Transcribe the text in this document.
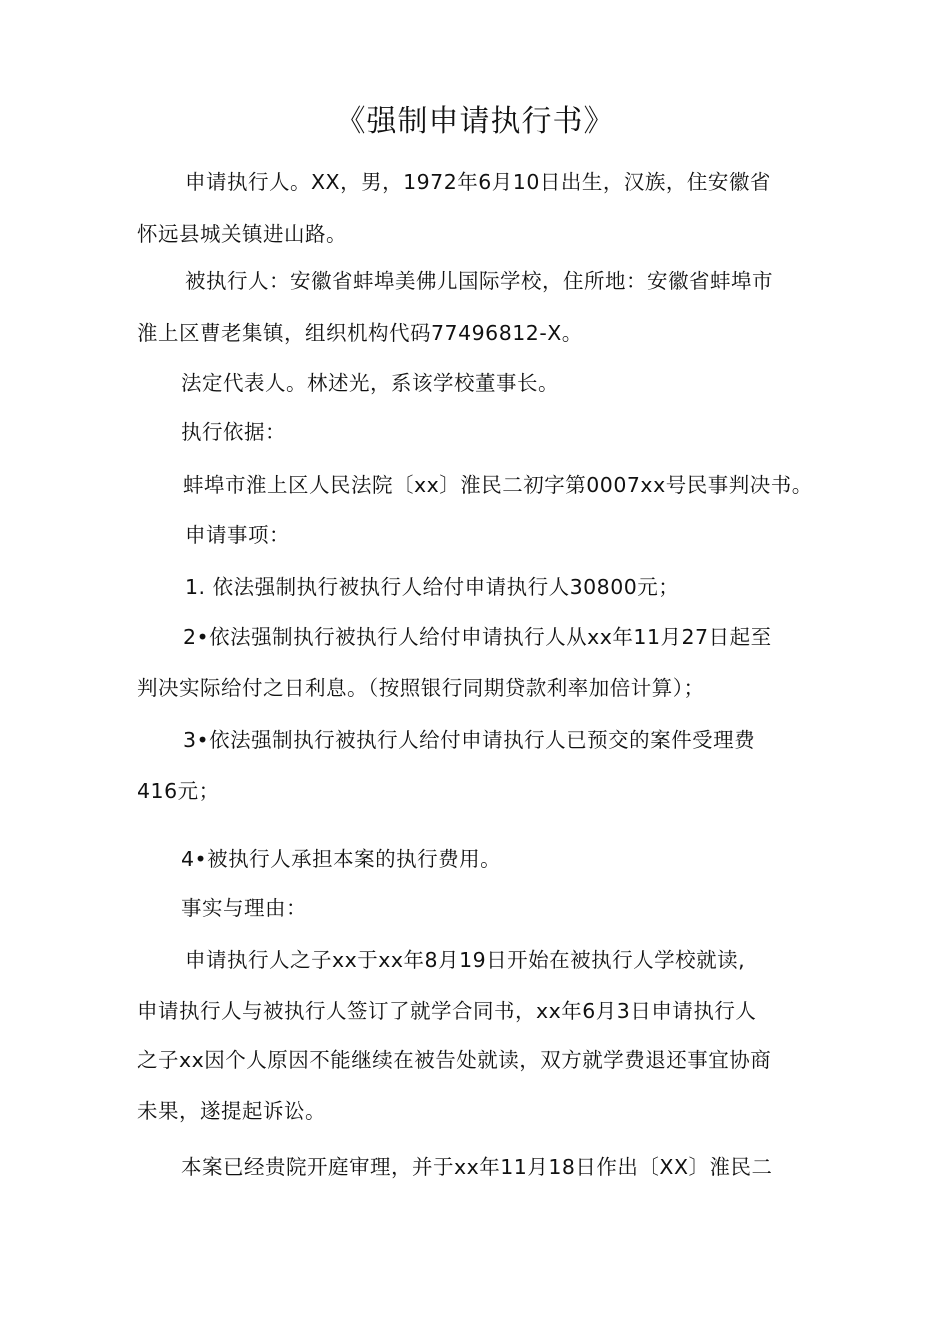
《强制申请执行书》
申请执行人。XX，男，1972年6月10日出生，汉族，住安徽省
怀远县城关镇进山路。
被执行人：安徽省蚌埠美佛儿国际学校，住所地：安徽省蚌埠市
淮上区曹老集镇，组织机构代码77496812-X。
法定代表人。林述光，系该学校董事长。
执行依据：
蚌埠市淮上区人民法院〔xx〕淮民二初字第0007xx号民事判决书。
申请事项：
1. 依法强制执行被执行人给付申请执行人30800元；
2•依法强制执行被执行人给付申请执行人从xx年11月27日起至
判决实际给付之日利息。（按照银行同期贷款利率加倍计算）；
3•依法强制执行被执行人给付申请执行人已预交的案件受理费
416元；
4•被执行人承担本案的执行费用。
事实与理由：
申请执行人之子xx于xx年8月19日开始在被执行人学校就读,
申请执行人与被执行人签订了就学合同书，xx年6月3日申请执行人
之子xx因个人原因不能继续在被告处就读，双方就学费退还事宜协商
未果，遂提起诉讼。
本案已经贵院开庭审理，并于xx年11月18日作出〔XX〕淮民二
